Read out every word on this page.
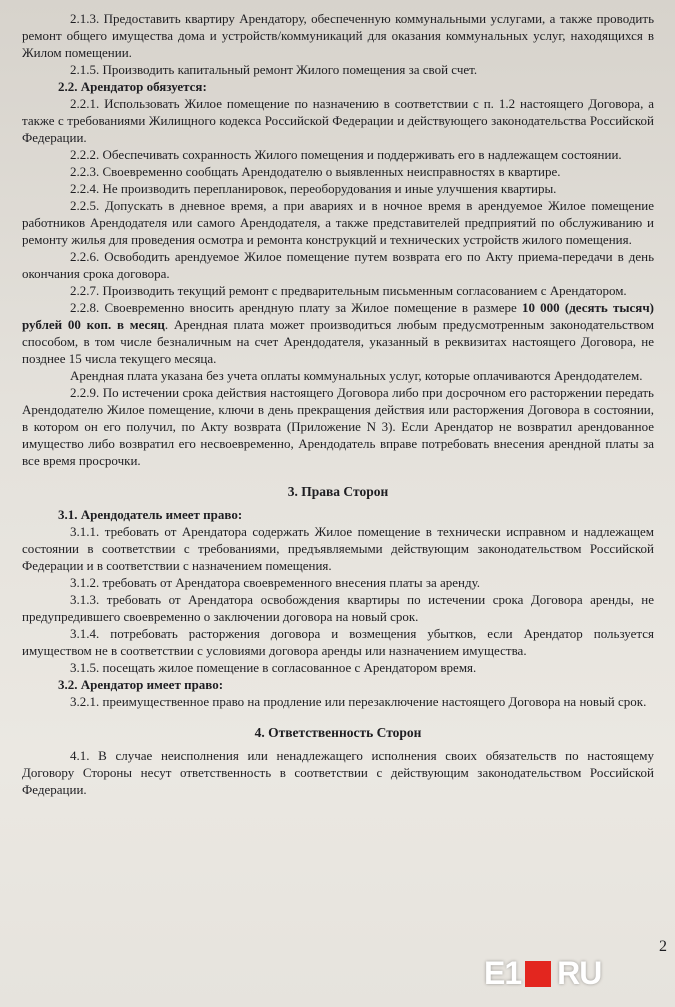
2.1.3. Предоставить квартиру Арендатору, обеспеченную коммунальными услугами, а также проводить ремонт общего имущества дома и устройств/коммуникаций для оказания коммунальных услуг, находящихся в Жилом помещении.

2.1.5. Производить капитальный ремонт Жилого помещения за свой счет.

2.2. Арендатор обязуется:

2.2.1. Использовать Жилое помещение по назначению в соответствии с п. 1.2 настоящего Договора, а также с требованиями Жилищного кодекса Российской Федерации и действующего законодательства Российской Федерации.

2.2.2. Обеспечивать сохранность Жилого помещения и поддерживать его в надлежащем состоянии.

2.2.3. Своевременно сообщать Арендодателю о выявленных неисправностях в квартире.

2.2.4. Не производить перепланировок, переоборудования и иные улучшения квартиры.

2.2.5. Допускать в дневное время, а при авариях и в ночное время в арендуемое Жилое помещение работников Арендодателя или самого Арендодателя, а также представителей предприятий по обслуживанию и ремонту жилья для проведения осмотра и ремонта конструкций и технических устройств жилого помещения.

2.2.6. Освободить арендуемое Жилое помещение путем возврата его по Акту приема-передачи в день окончания срока договора.

2.2.7. Производить текущий ремонт с предварительным письменным согласованием с Арендатором.

2.2.8. Своевременно вносить арендную плату за Жилое помещение в размере 10 000 (десять тысяч) рублей 00 коп. в месяц. Арендная плата может производиться любым предусмотренным законодательством способом, в том числе безналичным на счет Арендодателя, указанный в реквизитах настоящего Договора, не позднее 15 числа текущего месяца.

Арендная плата указана без учета оплаты коммунальных услуг, которые оплачиваются Арендодателем.

2.2.9. По истечении срока действия настоящего Договора либо при досрочном его расторжении передать Арендодателю Жилое помещение, ключи в день прекращения действия или расторжения Договора в состоянии, в котором он его получил, по Акту возврата (Приложение N 3). Если Арендатор не возвратил арендованное имущество либо возвратил его несвоевременно, Арендодатель вправе потребовать внесения арендной платы за все время просрочки.

3. Права Сторон

3.1. Арендодатель имеет право:

3.1.1. требовать от Арендатора содержать Жилое помещение в технически исправном и надлежащем состоянии в соответствии с требованиями, предъявляемыми действующим законодательством Российской Федерации и в соответствии с назначением помещения.

3.1.2. требовать от Арендатора своевременного внесения платы за аренду.

3.1.3. требовать от Арендатора освобождения квартиры по истечении срока Договора аренды, не предупредившего своевременно о заключении договора на новый срок.

3.1.4. потребовать расторжения договора и возмещения убытков, если Арендатор пользуется имуществом не в соответствии с условиями договора аренды или назначением имущества.

3.1.5. посещать жилое помещение в согласованное с Арендатором время.

3.2. Арендатор имеет право:

3.2.1. преимущественное право на продление или перезаключение настоящего Договора на новый срок.

4. Ответственность Сторон

4.1. В случае неисполнения или ненадлежащего исполнения своих обязательств по настоящему Договору Стороны несут ответственность в соответствии с действующим законодательством Российской Федерации.

2
E1 RU
